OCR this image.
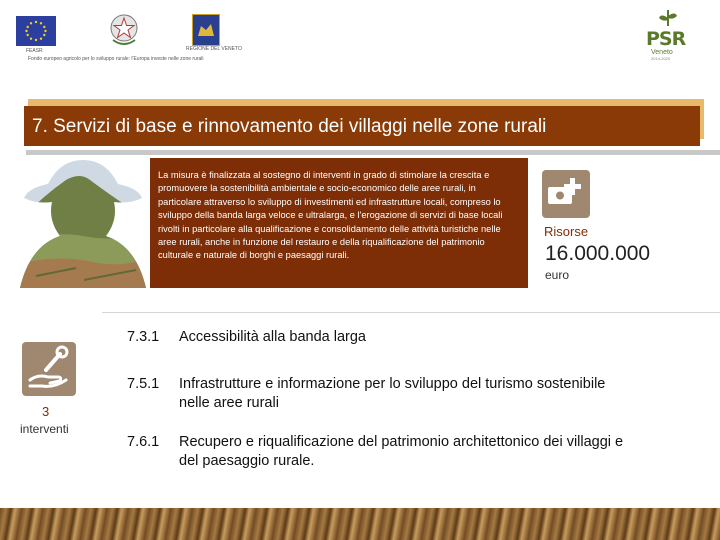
FEASR	REGIONE DEL VENETO
Fondo europeo agricolo per lo sviluppo rurale: l'Europa investe nelle zone rurali
PSR
Veneto
2014-2020
7. Servizi di base e rinnovamento dei villaggi nelle zone rurali
La misura è finalizzata al sostegno di interventi in grado di stimolare la crescita e promuovere la sostenibilità ambientale e socio-economico delle aree rurali, in particolare attraverso lo sviluppo di investimenti ed infrastrutture locali, compreso lo sviluppo della banda larga veloce e ultralarga, e l'erogazione di servizi di base locali rivolti in particolare alla qualificazione e consolidamento delle attività turistiche nelle aree rurali, anche in funzione del restauro e della riqualificazione del patrimonio culturale e naturale di borghi e paesaggi rurali.
Risorse
16.000.000
euro
3
interventi
7.3.1 Accessibilità alla banda larga
7.5.1 Infrastrutture e informazione per lo sviluppo del turismo sostenibile nelle aree rurali
7.6.1 Recupero e riqualificazione del patrimonio architettonico dei villaggi e del paesaggio rurale.
